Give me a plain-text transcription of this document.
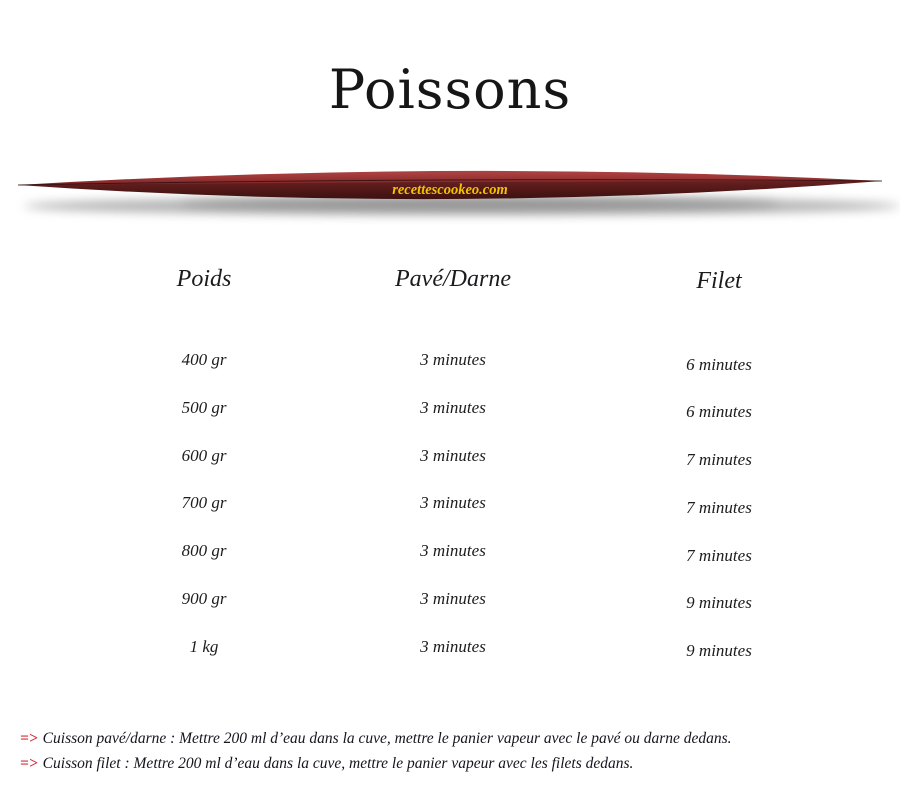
Poissons
recettescookeo.com
Poids	Pavé/Darne	Filet
400 gr	3 minutes	6 minutes
500 gr	3 minutes	6 minutes
600 gr	3 minutes	7 minutes
700 gr	3 minutes	7 minutes
800 gr	3 minutes	7 minutes
900 gr	3 minutes	9 minutes
1 kg	3 minutes	9 minutes
=> Cuisson pavé/darne : Mettre 200 ml d’eau dans la cuve, mettre le panier vapeur avec le pavé ou darne dedans.
=> Cuisson filet : Mettre 200 ml d’eau dans la cuve, mettre le panier vapeur avec les filets dedans.
